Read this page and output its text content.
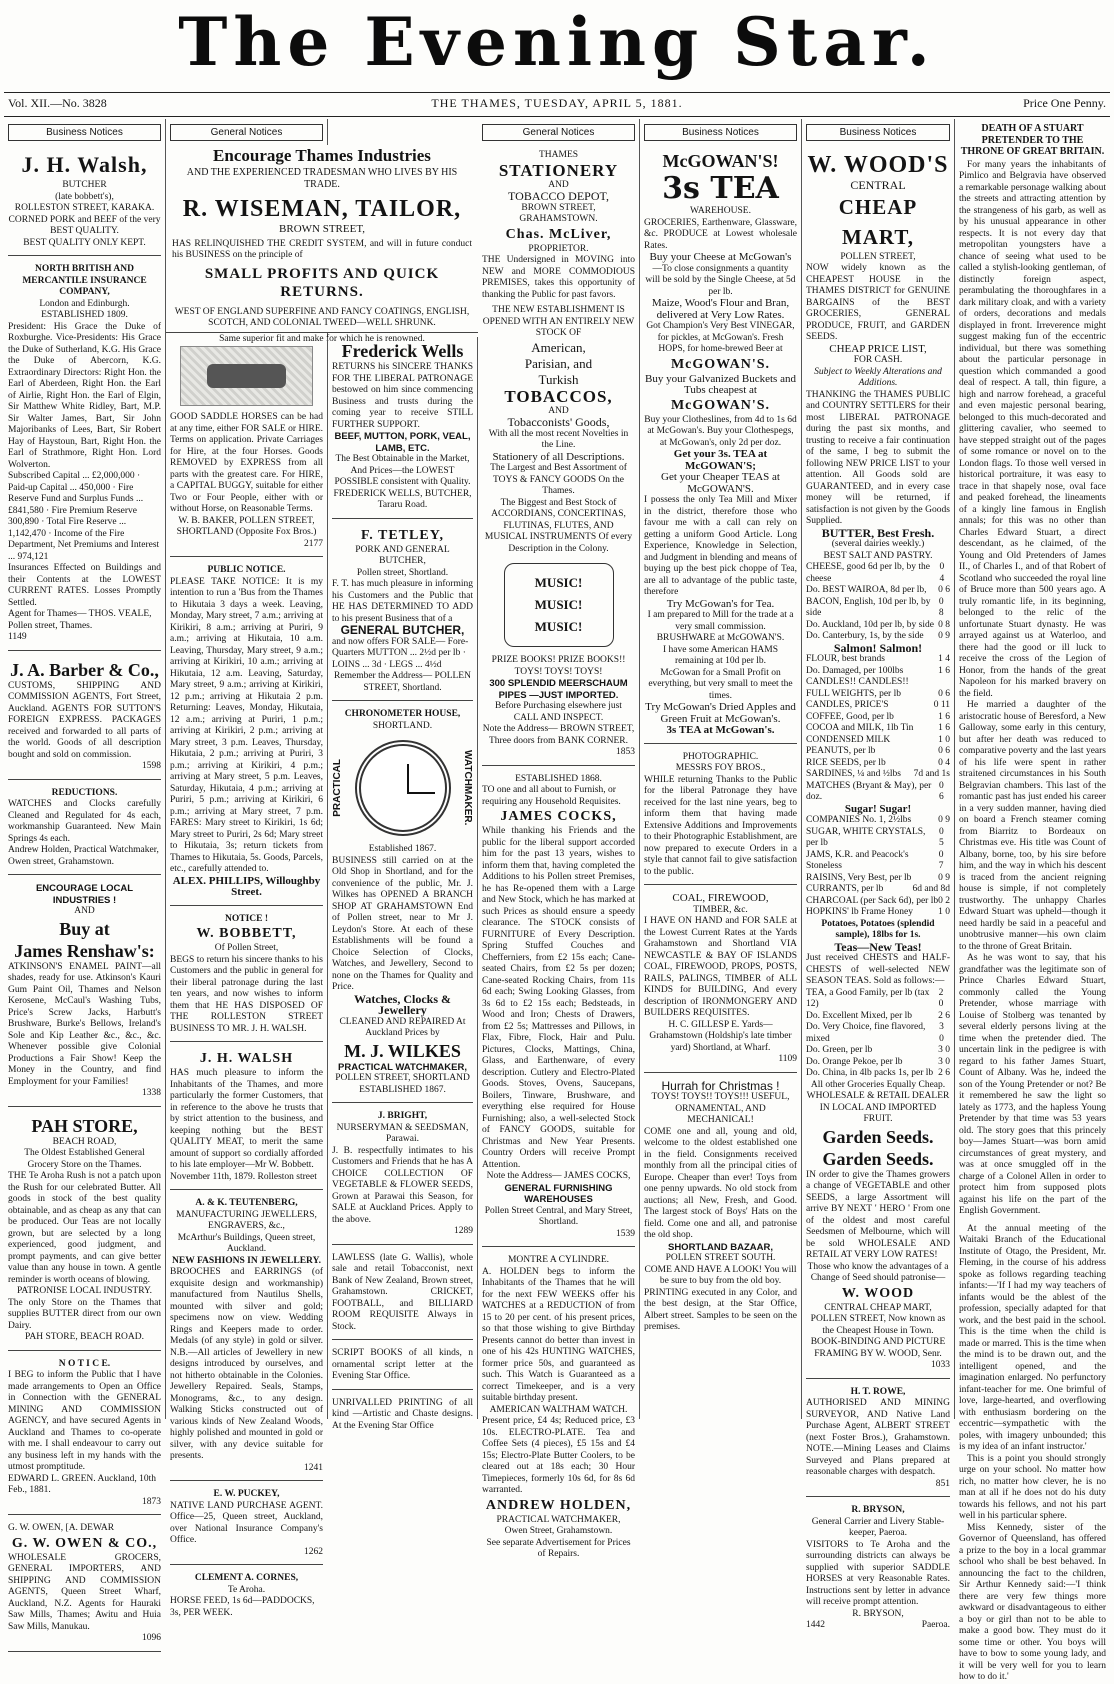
The Evening Star.
Vol. XII.—No. 3828	THE THAMES, TUESDAY, APRIL 5, 1881.	Price One Penny.
Business Notices
J. H. Walsh,
BUTCHER
(late bobbett's),
ROLLESTON STREET, KARAKA.
CORNED PORK and BEEF of the very BEST QUALITY.
BEST QUALITY ONLY KEPT.
NORTH BRITISH AND MERCANTILE INSURANCE COMPANY,
London and Edinburgh.
ESTABLISHED 1809.
President: His Grace the Duke of Roxburghe. Vice-Presidents: His Grace the Duke of Sutherland, K.G. His Grace the Duke of Abercorn, K.G. Extraordinary Directors: Right Hon. the Earl of Aberdeen, Right Hon. the Earl of Airlie, Right Hon. the Earl of Elgin, Sir Matthew White Ridley, Bart, M.P. Sir Walter James, Bart, Sir John Majoribanks of Lees, Bart, Sir Robert Hay of Haystoun, Bart, Right Hon. the Earl of Strathmore, Right Hon. Lord Wolverton.
Subscribed Capital ... £2,000,000 · Paid-up Capital ... 450,000 · Fire Reserve Fund and Surplus Funds ... £841,580 · Fire Premium Reserve 300,890 · Total Fire Reserve ... 1,142,470 · Income of the Fire Department, Net Premiums and Interest ... 974,121
Insurances Effected on Buildings and their Contents at the LOWEST CURRENT RATES. Losses Promptly Settled.
Agent for Thames— THOS. VEALE, Pollen street, Thames.
1149
J. A. Barber & Co.,
CUSTOMS, SHIPPING AND COMMISSION AGENTS, Fort Street, Auckland. AGENTS FOR SUTTON'S FOREIGN EXPRESS. PACKAGES received and forwarded to all parts of the world. Goods of all description bought and sold on commission.
1598
REDUCTIONS.
WATCHES and Clocks carefully Cleaned and Regulated for 4s each, workmanship Guaranteed. New Main Springs 4s each.
Andrew Holden, Practical Watchmaker, Owen street, Grahamstown.
ENCOURAGE LOCAL INDUSTRIES !
AND
Buy at
James Renshaw's:
ATKINSON'S ENAMEL PAINT—all shades, ready for use. Atkinson's Kauri Gum Paint Oil, Thames and Nelson Kerosene, McCaul's Washing Tubs, Price's Screw Jacks, Harbutt's Brushware, Burke's Bellows, Ireland's Sole and Kip Leather &c., &c., &c. Whenever possible give Colonial Productions a Fair Show! Keep the Money in the Country, and find Employment for your Families!
1338
PAH STORE,
BEACH ROAD,
The Oldest Established General Grocery Store on the Thames.
THE Te Aroha Rush is not a patch upon the Rush for our celebrated Butter. All goods in stock of the best quality obtainable, and as cheap as any that can be produced. Our Teas are not locally grown, but are selected by a long experienced, good judgment, and prompt payments, and can give better value than any house in town. A gentle reminder is worth oceans of blowing.
PATRONISE LOCAL INDUSTRY.
The only Store on the Thames that supplies BUTTER direct from our own Dairy.
PAH STORE, BEACH ROAD.
N O T I C E.
I BEG to inform the Public that I have made arrangements to Open an Office in Connection with the GENERAL MINING AND COMMISSION AGENCY, and have secured Agents in Auckland and Thames to co-operate with me. I shall endeavour to carry out any business left in my hands with the utmost promptitude.
EDWARD L. GREEN. Auckland, 10th Feb., 1881.
1873
G. W. OWEN, [A. DEWAR
G. W. OWEN & CO.,
WHOLESALE GROCERS, GENERAL IMPORTERS, AND SHIPPING AND COMMISSION AGENTS, Queen Street Wharf, Auckland, N.Z. Agents for Hauraki Saw Mills, Thames; Awitu and Huia Saw Mills, Manukau.
1096
General Notices
Encourage Thames Industries
AND THE EXPERIENCED TRADESMAN WHO LIVES BY HIS TRADE.
R. WISEMAN, TAILOR,
BROWN STREET,
HAS RELINQUISHED THE CREDIT SYSTEM, and will in future conduct his BUSINESS on the principle of
SMALL PROFITS AND QUICK RETURNS.
WEST OF ENGLAND SUPERFINE AND FANCY COATINGS, ENGLISH, SCOTCH, AND COLONIAL TWEED—WELL SHRUNK.
Same superior fit and make for which he is renowned.
GOOD SADDLE HORSES can be had at any time, either FOR SALE or HIRE. Terms on application. Private Carriages for Hire, at the four Horses. Goods REMOVED by EXPRESS from all parts with the greatest care. For HIRE, a CAPITAL BUGGY, suitable for either Two or Four People, either with or without Horse, on Reasonable Terms.
W. B. BAKER, POLLEN STREET, SHORTLAND (Opposite Fox Bros.)
2177
PUBLIC NOTICE.
PLEASE TAKE NOTICE: It is my intention to run a 'Bus from the Thames to Hikutaia 3 days a week. Leaving, Monday, Mary street, 7 a.m.; arriving at Kirikiri, 8 a.m.; arriving at Puriri, 9 a.m.; arriving at Hikutaia, 10 a.m. Leaving, Thursday, Mary street, 9 a.m.; arriving at Kirikiri, 10 a.m.; arriving at Hikutaia, 12 a.m. Leaving, Saturday, Mary street, 9 a.m.; arriving at Kirikiri, 12 p.m.; arriving at Hikutaia 2 p.m. Returning: Leaves, Monday, Hikutaia, 12 a.m.; arriving at Puriri, 1 p.m.; arriving at Kirikiri, 2 p.m.; arriving at Mary street, 3 p.m. Leaves, Thursday, Hikutaia, 2 p.m.; arriving at Puriri, 3 p.m.; arriving at Kirikiri, 4 p.m.; arriving at Mary street, 5 p.m. Leaves, Saturday, Hikutaia, 4 p.m.; arriving at Puriri, 5 p.m.; arriving at Kirikiri, 6 p.m.; arriving at Mary street, 7 p.m. FARES: Mary street to Kirikiri, 1s 6d; Mary street to Puriri, 2s 6d; Mary street to Hikutaia, 3s; return tickets from Thames to Hikutaia, 5s. Goods, Parcels, etc., carefully attended to.
ALEX. PHILLIPS, Willoughby Street.
NOTICE !
W. BOBBETT,
Of Pollen Street,
BEGS to return his sincere thanks to his Customers and the public in general for their liberal patronage during the last ten years, and now wishes to inform them that HE HAS DISPOSED OF THE ROLLESTON STREET BUSINESS TO MR. J. H. WALSH.
J. H. WALSH
HAS much pleasure to inform the Inhabitants of the Thames, and more particularly the former Customers, that in reference to the above he trusts that by strict attention to the business, and keeping nothing but the BEST QUALITY MEAT, to merit the same amount of support so cordially afforded to his late employer—Mr W. Bobbett.
November 11th, 1879. Rolleston street
A. & K. TEUTENBERG,
MANUFACTURING JEWELLERS, ENGRAVERS, &c.,
McArthur's Buildings, Queen street, Auckland.
NEW FASHIONS IN JEWELLERY.
BROOCHES and EARRINGS (of exquisite design and workmanship) manufactured from Nautilus Shells, mounted with silver and gold; specimens now on view. Wedding Rings and Keepers made to order. Medals (of any style) in gold or silver. N.B.—All articles of Jewellery in new designs introduced by ourselves, and not hitherto obtainable in the Colonies. Jewellery Repaired. Seals, Stamps, Monograms, &c., to any design. Walking Sticks constructed out of various kinds of New Zealand Woods, highly polished and mounted in gold or silver, with any device suitable for presents.
1241
E. W. PUCKEY,
NATIVE LAND PURCHASE AGENT. Office—25, Queen street, Auckland, over National Insurance Company's Office.
1262
CLEMENT A. CORNES,
Te Aroha.
HORSE FEED, 1s 6d—PADDOCKS, 3s, PER WEEK.
Frederick Wells
RETURNS his SINCERE THANKS FOR THE LIBERAL PATRONAGE bestowed on him since commencing Business and trusts during the coming year to receive STILL FURTHER SUPPORT.
BEEF, MUTTON, PORK, VEAL, LAMB, ETC.
The Best Obtainable in the Market, And Prices—the LOWEST POSSIBLE consistent with Quality.
FREDERICK WELLS, BUTCHER, Tararu Road.
F. TETLEY,
PORK AND GENERAL BUTCHER,
Pollen street, Shortland.
F. T. has much pleasure in informing his Customers and the Public that HE HAS DETERMINED TO ADD to his present Business that of a
GENERAL BUTCHER,
and now offers FOR SALE— Fore-Quarters MUTTON ... 2½d per lb · LOINS ... 3d · LEGS ... 4½d
Remember the Address— POLLEN STREET, Shortland.
CHRONOMETER HOUSE,
SHORTLAND.
PRACTICAL	WATCHMAKER.
Established 1867.
BUSINESS still carried on at the Old Shop in Shortland, and for the convenience of the public, Mr. J. Wilkes has OPENED A BRANCH SHOP AT GRAHAMSTOWN End of Pollen street, near to Mr J. Leydon's Store. At each of these Establishments will be found a Choice Selection of Clocks, Watches, and Jewellery, Second to none on the Thames for Quality and Price.
Watches, Clocks & Jewellery
CLEANED AND REPAIRED At Auckland Prices by
M. J. WILKES
PRACTICAL WATCHMAKER,
POLLEN STREET, SHORTLAND
ESTABLISHED 1867.
J. BRIGHT,
NURSERYMAN & SEEDSMAN,
Parawai.
J. B. respectfully intimates to his Customers and Friends that he has A CHOICE COLLECTION OF VEGETABLE & FLOWER SEEDS, Grown at Parawai this Season, for SALE at Auckland Prices. Apply to the above.
1289
LAWLESS (late G. Wallis), whole sale and retail Tobacconist, next Bank of New Zealand, Brown street, Grahamstown. CRICKET, FOOTBALL, and BILLIARD ROOM REQUISITE Always in Stock.
SCRIPT BOOKS of all kinds, n ornamental script letter at the Evening Star Office.
UNRIVALLED PRINTING of all kind —Artistic and Chaste designs. At the Evening Star Office
General Notices
THAMES
STATIONERY
AND
TOBACCO DEPOT,
BROWN STREET, GRAHAMSTOWN.
Chas. McLiver,
PROPRIETOR.
THE Undersigned in MOVING into NEW and MORE COMMODIOUS PREMISES, takes this opportunity of thanking the Public for past favors.
THE NEW ESTABLISHMENT IS OPENED WITH AN ENTIRELY NEW STOCK OF
American,
Parisian, and
Turkish
TOBACCOS,
AND
Tobacconists' Goods,
With all the most recent Novelties in the Line.
Stationery of all Descriptions.
The Largest and Best Assortment of TOYS & FANCY GOODS On the Thames.
The Biggest and Best Stock of ACCORDIANS, CONCERTINAS, FLUTINAS, FLUTES, AND MUSICAL INSTRUMENTS Of every Description in the Colony.
MUSIC!
MUSIC!
MUSIC!
PRIZE BOOKS! PRIZE BOOKS!! TOYS! TOYS! TOYS!
300 SPLENDID MEERSCHAUM PIPES —JUST IMPORTED.
Before Purchasing elsewhere just CALL AND INSPECT.
Note the Address— BROWN STREET, Three doors from BANK CORNER.
1853
ESTABLISHED 1868.
TO one and all about to Furnish, or requiring any Household Requisites.
JAMES COCKS,
While thanking his Friends and the public for the liberal support accorded him for the past 13 years, wishes to inform them that, having completed the Additions to his Pollen street Premises, he has Re-opened them with a Large and New Stock, which he has marked at such Prices as should ensure a speedy clearance. The STOCK consists of FURNITURE of Every Description. Spring Stuffed Couches and Chefferniers, from £2 15s each; Cane-seated Chairs, from £2 5s per dozen; Cane-seated Rocking Chairs, from 11s 6d each; Swing Looking Glasses, from 3s 6d to £2 15s each; Bedsteads, in Wood and Iron; Chests of Drawers, from £2 5s; Mattresses and Pillows, in Flax, Fibre, Flock, Hair and Pulu. Pictures, Clocks, Mattings, China, Glass, and Earthenware, of every description. Cutlery and Electro-Plated Goods. Stoves, Ovens, Saucepans, Boilers, Tinware, Brushware, and everything else required for House Furnishing; also, a well-selected Stock of FANCY GOODS, suitable for Christmas and New Year Presents. Country Orders will receive Prompt Attention.
Note the Address— JAMES COCKS,
GENERAL FURNISHING WAREHOUSES
Pollen Street Central, and Mary Street, Shortland.
1539
MONTRE A CYLINDRE.
A. HOLDEN begs to inform the Inhabitants of the Thames that he will for the next FEW WEEKS offer his WATCHES at a REDUCTION of from 15 to 20 per cent. of his present prices, so that those wishing to give Birthday Presents cannot do better than invest in one of his 42s HUNTING WATCHES, former price 50s, and guaranteed as such. This Watch is Guaranteed as a correct Timekeeper, and is a very suitable birthday present.
AMERICAN WALTHAM WATCH.
Present price, £4 4s; Reduced price, £3 10s. ELECTRO-PLATE. Tea and Coffee Sets (4 pieces), £5 15s and £4 15s; Electro-Plate Butter Coolers, to be cleared out at 18s each; 30 Hour Timepieces, formerly 10s 6d, for 8s 6d warranted.
ANDREW HOLDEN,
PRACTICAL WATCHMAKER,
Owen Street, Grahamstown.
See separate Advertisement for Prices of Repairs.
Business Notices
McGOWAN'S!
3s TEA
WAREHOUSE.
GROCERIES, Earthenware, Glassware, &c. PRODUCE at Lowest wholesale Rates.
Buy your Cheese at McGowan's
—To close consignments a quantity will be sold by the Single Cheese, at 5d per lb.
Maize, Wood's Flour and Bran, delivered at Very Low Rates.
Got Champion's Very Best VINEGAR, for pickles, at McGowan's. Fresh HOPS, for home-brewed Beer at
McGOWAN'S.
Buy your Galvanized Buckets and Tubs cheapest at
McGOWAN'S.
Buy your Clotheslines, from 4d to 1s 6d at McGowan's. Buy your Clothespegs, at McGowan's, only 2d per doz.
Get your 3s. TEA at McGOWAN'S;
Get your Cheaper TEAS at McGOWAN'S.
I possess the only Tea Mill and Mixer in the district, therefore those who favour me with a call can rely on getting a uniform Good Article. Long Experience, Knowledge in Selection, and Judgment in blending and means of buying up the best pick choppe of Tea, are all to advantage of the public taste, therefore
Try McGowan's for Tea.
I am prepared to Mill for the trade at a very small commission.
BRUSHWARE at McGOWAN'S.
I have some American HAMS remaining at 10d per lb.
McGowan for a Small Profit on everything, but very small to meet the times.
Try McGowan's Dried Apples and Green Fruit at McGowan's.
3s TEA at McGowan's.
PHOTOGRAPHIC.
MESSRS FOY BROS.,
WHILE returning Thanks to the Public for the liberal Patronage they have received for the last nine years, beg to inform them that having made Extensive Additions and Improvements to their Photographic Establishment, are now prepared to execute Orders in a style that cannot fail to give satisfaction to the public.
COAL, FIREWOOD,
TIMBER, &c.
I HAVE ON HAND and FOR SALE at the Lowest Current Rates at the Yards Grahamstown and Shortland VIA NEWCASTLE & BAY OF ISLANDS COAL, FIREWOOD, PROPS, POSTS, RAILS, PALINGS, TIMBER of ALL KINDS for BUILDING, And every description of IRONMONGERY AND BUILDERS REQUISITES.
H. C. GILLESP E. Yards—Grahamstown (Holdship's late timber yard) Shortland, at Wharf.
1109
Hurrah for Christmas !
TOYS! TOYS!! TOYS!!! USEFUL, ORNAMENTAL, AND MECHANICAL!
COME one and all, young and old, welcome to the oldest established one in the field. Consignments received monthly from all the principal cities of Europe. Cheaper than ever! Toys from one penny upwards. No old stock from auctions; all New, Fresh, and Good. The largest stock of Boys' Hats on the field. Come one and all, and patronise the old shop.
SHORTLAND BAZAAR,
POLLEN STREET SOUTH.
COME AND HAVE A LOOK! You will be sure to buy from the old boy.
PRINTING executed in any Color, and the best design, at the Star Office, Albert street. Samples to be seen on the premises.
Business Notices
W. WOOD'S
CENTRAL
CHEAP MART,
POLLEN STREET,
NOW widely known as the CHEAPEST HOUSE in the THAMES DISTRICT for GENUINE BARGAINS of the BEST GROCERIES, GENERAL PRODUCE, FRUIT, and GARDEN SEEDS.
CHEAP PRICE LIST,
FOR CASH.
Subject to Weekly Alterations and Additions.
THANKING the THAMES PUBLIC and COUNTRY SETTLERS for their most LIBERAL PATRONAGE during the past six months, and trusting to receive a fair continuation of the same, I beg to submit the following NEW PRICE LIST to your attention. All Goods sold are GUARANTEED, and in every case money will be returned, if satisfaction is not given by the Goods Supplied.
BUTTER, Best Fresh.
(several dairies weekly.)
BEST SALT AND PASTRY.
CHEESE, good 6d per lb, by the cheese
0 4
Do. BEST WAIROA, 8d per lb, 0 6
BACON, English, 10d per lb, by side
0 8
Do. Auckland, 10d per lb, by side 0 8
Do. Canterbury, 1s, by the side 0 9
Salmon! Salmon!
FLOUR, best brands	1 4
Do. Damaged, per 100lbs	1 6
CANDLES!! CANDLES!!
FULL WEIGHTS, per lb	0 6
CANDLES, PRICE'S	0 11
COFFEE, Good, per lb	1 6
COCOA and MILK, 1lb Tin	1 6
CONDENSED MILK	1 0
PEANUTS, per lb	0 6
RICE SEEDS, per lb	0 4
SARDINES, ¼ and ½lbs 7d and 1s
MATCHES (Bryant & May), per doz.
0 6
Sugar! Sugar!
COMPANIES No. 1, 2½lbs	0 9
SUGAR, WHITE CRYSTALS, per lb
0 5
JAMS, K.R. and Peacock's Stoneless
0 7
RAISINS, Very Best, per lb	0 9
CURRANTS, per lb	6d and 8d
CHARCOAL (per Sack 6d), per lb 0 2
HOPKINS' lb Frame Honey	1 0
Potatoes, Potatoes (splendid sample), 18lbs for 1s.
Teas—New Teas!
Just received CHESTS and HALF-CHESTS of well-selected NEW SEASON TEAS. Sold as follows:—
TEA, a Good Family, per lb (tax 12)
2 0
Do. Excellent Mixed, per lb	2 6
Do. Very Choice, fine flavored, mixed
3 0
Do. Green, per lb	3 0
Do. Orange Pekoe, per lb	3 0
Do. China, in 4lb packs 1s, per lb 2 6
All other Groceries Equally Cheap.
WHOLESALE & RETAIL DEALER IN LOCAL AND IMPORTED FRUIT.
Garden Seeds.
Garden Seeds.
IN order to give the Thames growers a change of VEGETABLE and other SEEDS, a large Assortment will arrive BY NEXT ' HERO ' From one of the oldest and most careful Seedsmen of Melbourne, which will be sold WHOLESALE AND RETAIL AT VERY LOW RATES!
Those who know the advantages of a Change of Seed should patronise—
W. WOOD
CENTRAL CHEAP MART, POLLEN STREET, Now known as the Cheapest House in Town.
BOOK-BINDING AND PICTURE FRAMING BY W. WOOD, Senr.
1033
H. T. ROWE,
AUTHORISED AND MINING SURVEYOR, AND Native Land Purchase Agent, ALBERT STREET (next Foster Bros.), Grahamstown. NOTE.—Mining Leases and Claims Surveyed and Plans prepared at reasonable charges with despatch.
851
R. BRYSON,
General Carrier and Livery Stable-keeper, Paeroa.
VISITORS to Te Aroha and the surrounding districts can always be supplied with superior SADDLE HORSES at very Reasonable Rates. Instructions sent by letter in advance will receive prompt attention.
R. BRYSON,
1442	Paeroa.
DEATH OF A STUART PRETENDER TO THE THRONE OF GREAT BRITAIN.
For many years the inhabitants of Pimlico and Belgravia have observed a remarkable personage walking about the streets and attracting attention by the strangeness of his garb, as well as by his unusual appearance in other respects. It is not every day that metropolitan youngsters have a chance of seeing what used to be called a stylish-looking gentleman, of distinctly foreign aspect, perambulating the thoroughfares in a dark military cloak, and with a variety of orders, decorations and medals displayed in front. Irreverence might suggest making fun of the eccentric individual, but there was something about the particular personage in question which commanded a good deal of respect. A tall, thin figure, a high and narrow forehead, a graceful and even majestic personal bearing, belonged to this much-decorated and glittering cavalier, who seemed to have stepped straight out of the pages of some romance or novel on to the London flags. To those well versed in historical portraiture, it was easy to trace in that shapely nose, oval face and peaked forehead, the lineaments of a kingly line famous in English annals; for this was no other than Charles Edward Stuart, a direct descendant, as he claimed, of the Young and Old Pretenders of James II., of Charles I., and of that Robert of Scotland who succeeded the royal line of Bruce more than 500 years ago. A truly romantic life, in its beginning, belonged to the relic of the unfortunate Stuart dynasty. He was arrayed against us at Waterloo, and there had the good or ill luck to receive the cross of the Legion of Honor, from the hands of the great Napoleon for his marked bravery on the field.
He married a daughter of the aristocratic house of Beresford, a New Galloway, some early in this century, but after her death was reduced to comparative poverty and the last years of his life were spent in rather straitened circumstances in his South Belgravian chambers. This last of the romantic past has just ended his career in a very sudden manner, having died on board a French steamer coming from Biarritz to Bordeaux on Christmas eve. His title was Count of Albany, borne, too, by his sire before him, and the way in which his descent is traced from the ancient reigning house is simple, if not completely trustworthy. The unhappy Charles Edward Stuart was upheld—though it need hardly be said in a peaceful and unobtrusive manner—his own claim to the throne of Great Britain.
As he was wont to say, that his grandfather was the legitimate son of Prince Charles Edward Stuart, commonly called the Young Pretender, whose marriage with Louise of Stolberg was tenanted by several elderly persons living at the time when the pretender died. The uncertain link in the pedigree is with regard to his father James Stuart, Count of Albany. Was he, indeed the son of the Young Pretender or not? Be it remembered he saw the light so lately as 1773, and the hapless Young Pretender by that time was 53 years old. The story goes that this princely boy—James Stuart—was born amid circumstances of great mystery, and was at once smuggled off in the charge of a Colonel Allen in order to protect him from supposed plots against his life on the part of the English Government.
At the annual meeting of the Waitaki Branch of the Educational Institute of Otago, the President, Mr. Fleming, in the course of his address spoke as follows regarding teaching infants:—'If I had my way teachers of infants would be the ablest of the profession, specially adapted for that work, and the best paid in the school. This is the time when the child is made or marred. This is the time when the mind is to be drawn out, and the intelligent opened, and the imagination enlarged. No perfunctory infant-teacher for me. One brimful of love, large-hearted, and overflowing with enthusiasm bordering on the eccentric—sympathetic with the poles, with imagery unbounded; this is my idea of an infant instructor.'
This is a point you should strongly urge on your school. No matter how rich, no matter how clever, he is no man at all if he does not do his duty towards his fellows, and not his part well in his particular sphere.
Miss Kennedy, sister of the Governor of Queensland, has offered a prize to the boy in a local grammar school who shall be best behaved. In announcing the fact to the children, Sir Arthur Kennedy said:—'I think there are very few things more awkward or disadvantageous to either a boy or girl than not to be able to make a good bow. They must do it some time or other. You boys will have to bow to some young lady, and it will be very well for you to learn how to do it.'
